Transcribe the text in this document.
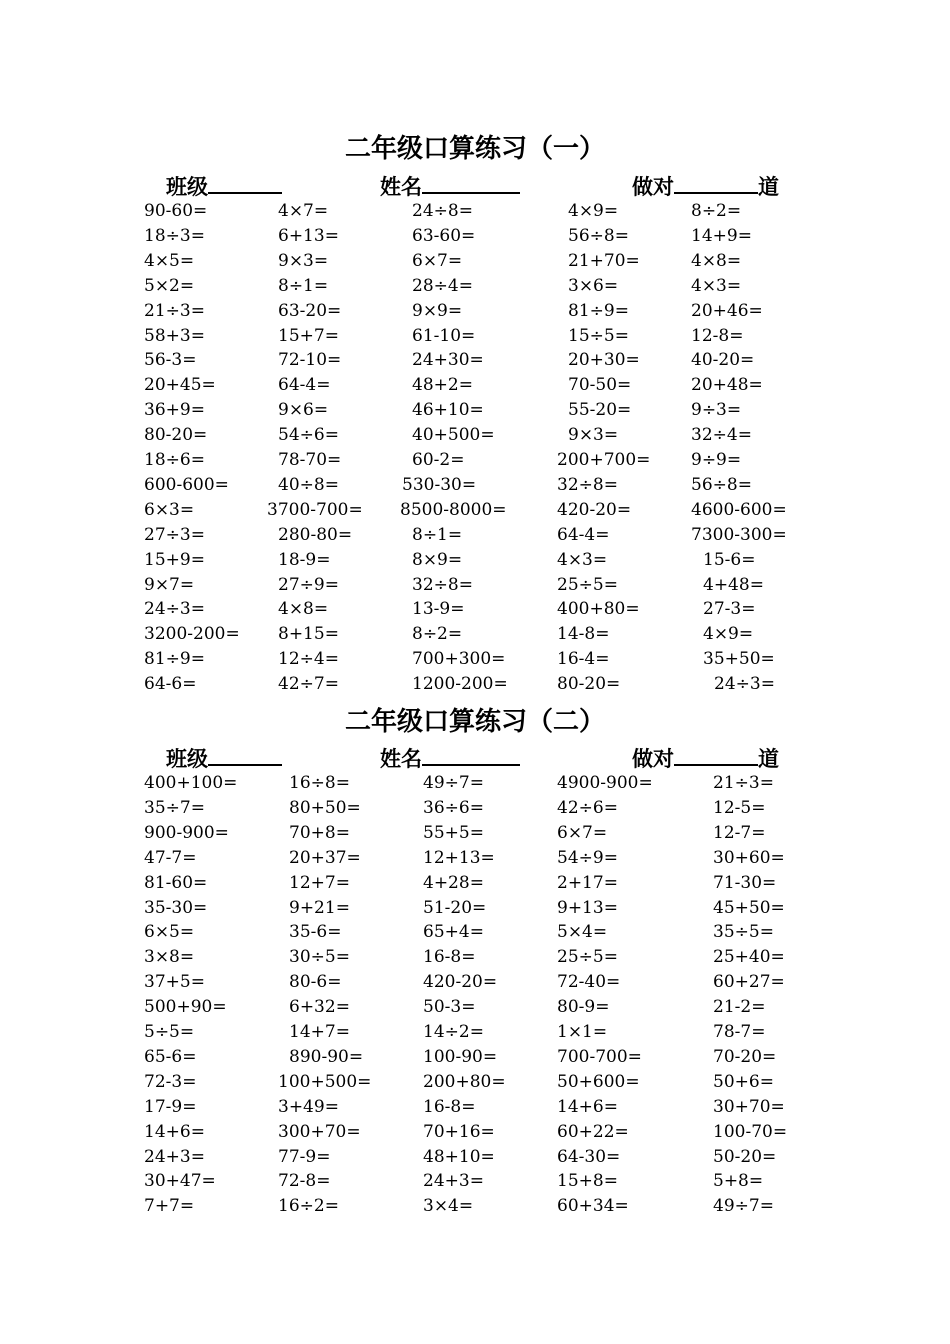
二年级口算练习（一）
班级	姓名	做对	道
90-60=	4×7=	24÷8=	4×9=	8÷2=
18÷3=	6+13=	63-60=	56÷8=	14+9=
4×5=	9×3=	6×7=	21+70=	4×8=
5×2=	8÷1=	28÷4=	3×6=	4×3=
21÷3=	63-20=	9×9=	81÷9=	20+46=
58+3=	15+7=	61-10=	15÷5=	12-8=
56-3=	72-10=	24+30=	20+30=	40-20=
20+45=	64-4=	48+2=	70-50=	20+48=
36+9=	9×6=	46+10=	55-20=	9÷3=
80-20=	54÷6=	40+500=	9×3=	32÷4=
18÷6=	78-70=	60-2=	200+700= 9÷9=
600-600=	40÷8=	530-30=	32÷8=	56÷8=
6×3=	3700-700= 8500-8000=	420-20=	4600-600=
27÷3=	280-80=	8÷1=	64-4=	7300-300=
15+9=	18-9=	8×9=	4×3=	15-6=
9×7=	27÷9=	32÷8=	25÷5=	4+48=
24÷3=	4×8=	13-9=	400+80=	27-3=
3200-200= 8+15=	8÷2=	14-8=	4×9=
81÷9=	12÷4=	700+300=	16-4=	35+50=
64-6=	42÷7=	1200-200=	80-20=	24÷3=
二年级口算练习（二）
班级	姓名	做对	道
400+100=	16÷8=	49÷7=	4900-900=	21÷3=
35÷7=	80+50=	36÷6=	42÷6=	12-5=
900-900=	70+8=	55+5=	6×7=	12-7=
47-7=	20+37=	12+13=	54÷9=	30+60=
81-60=	12+7=	4+28=	2+17=	71-30=
35-30=	9+21=	51-20=	9+13=	45+50=
6×5=	35-6=	65+4=	5×4=	35÷5=
3×8=	30÷5=	16-8=	25÷5=	25+40=
37+5=	80-6=	420-20=	72-40=	60+27=
500+90=	6+32=	50-3=	80-9=	21-2=
5÷5=	14+7=	14÷2=	1×1=	78-7=
65-6=	890-90=	100-90=	700-700=	70-20=
72-3=	100+500=	200+80=	50+600=	50+6=
17-9=	3+49=	16-8=	14+6=	30+70=
14+6=	300+70=	70+16=	60+22=	100-70=
24+3=	77-9=	48+10=	64-30=	50-20=
30+47=	72-8=	24+3=	15+8=	5+8=
7+7=	16÷2=	3×4=	60+34=	49÷7=
